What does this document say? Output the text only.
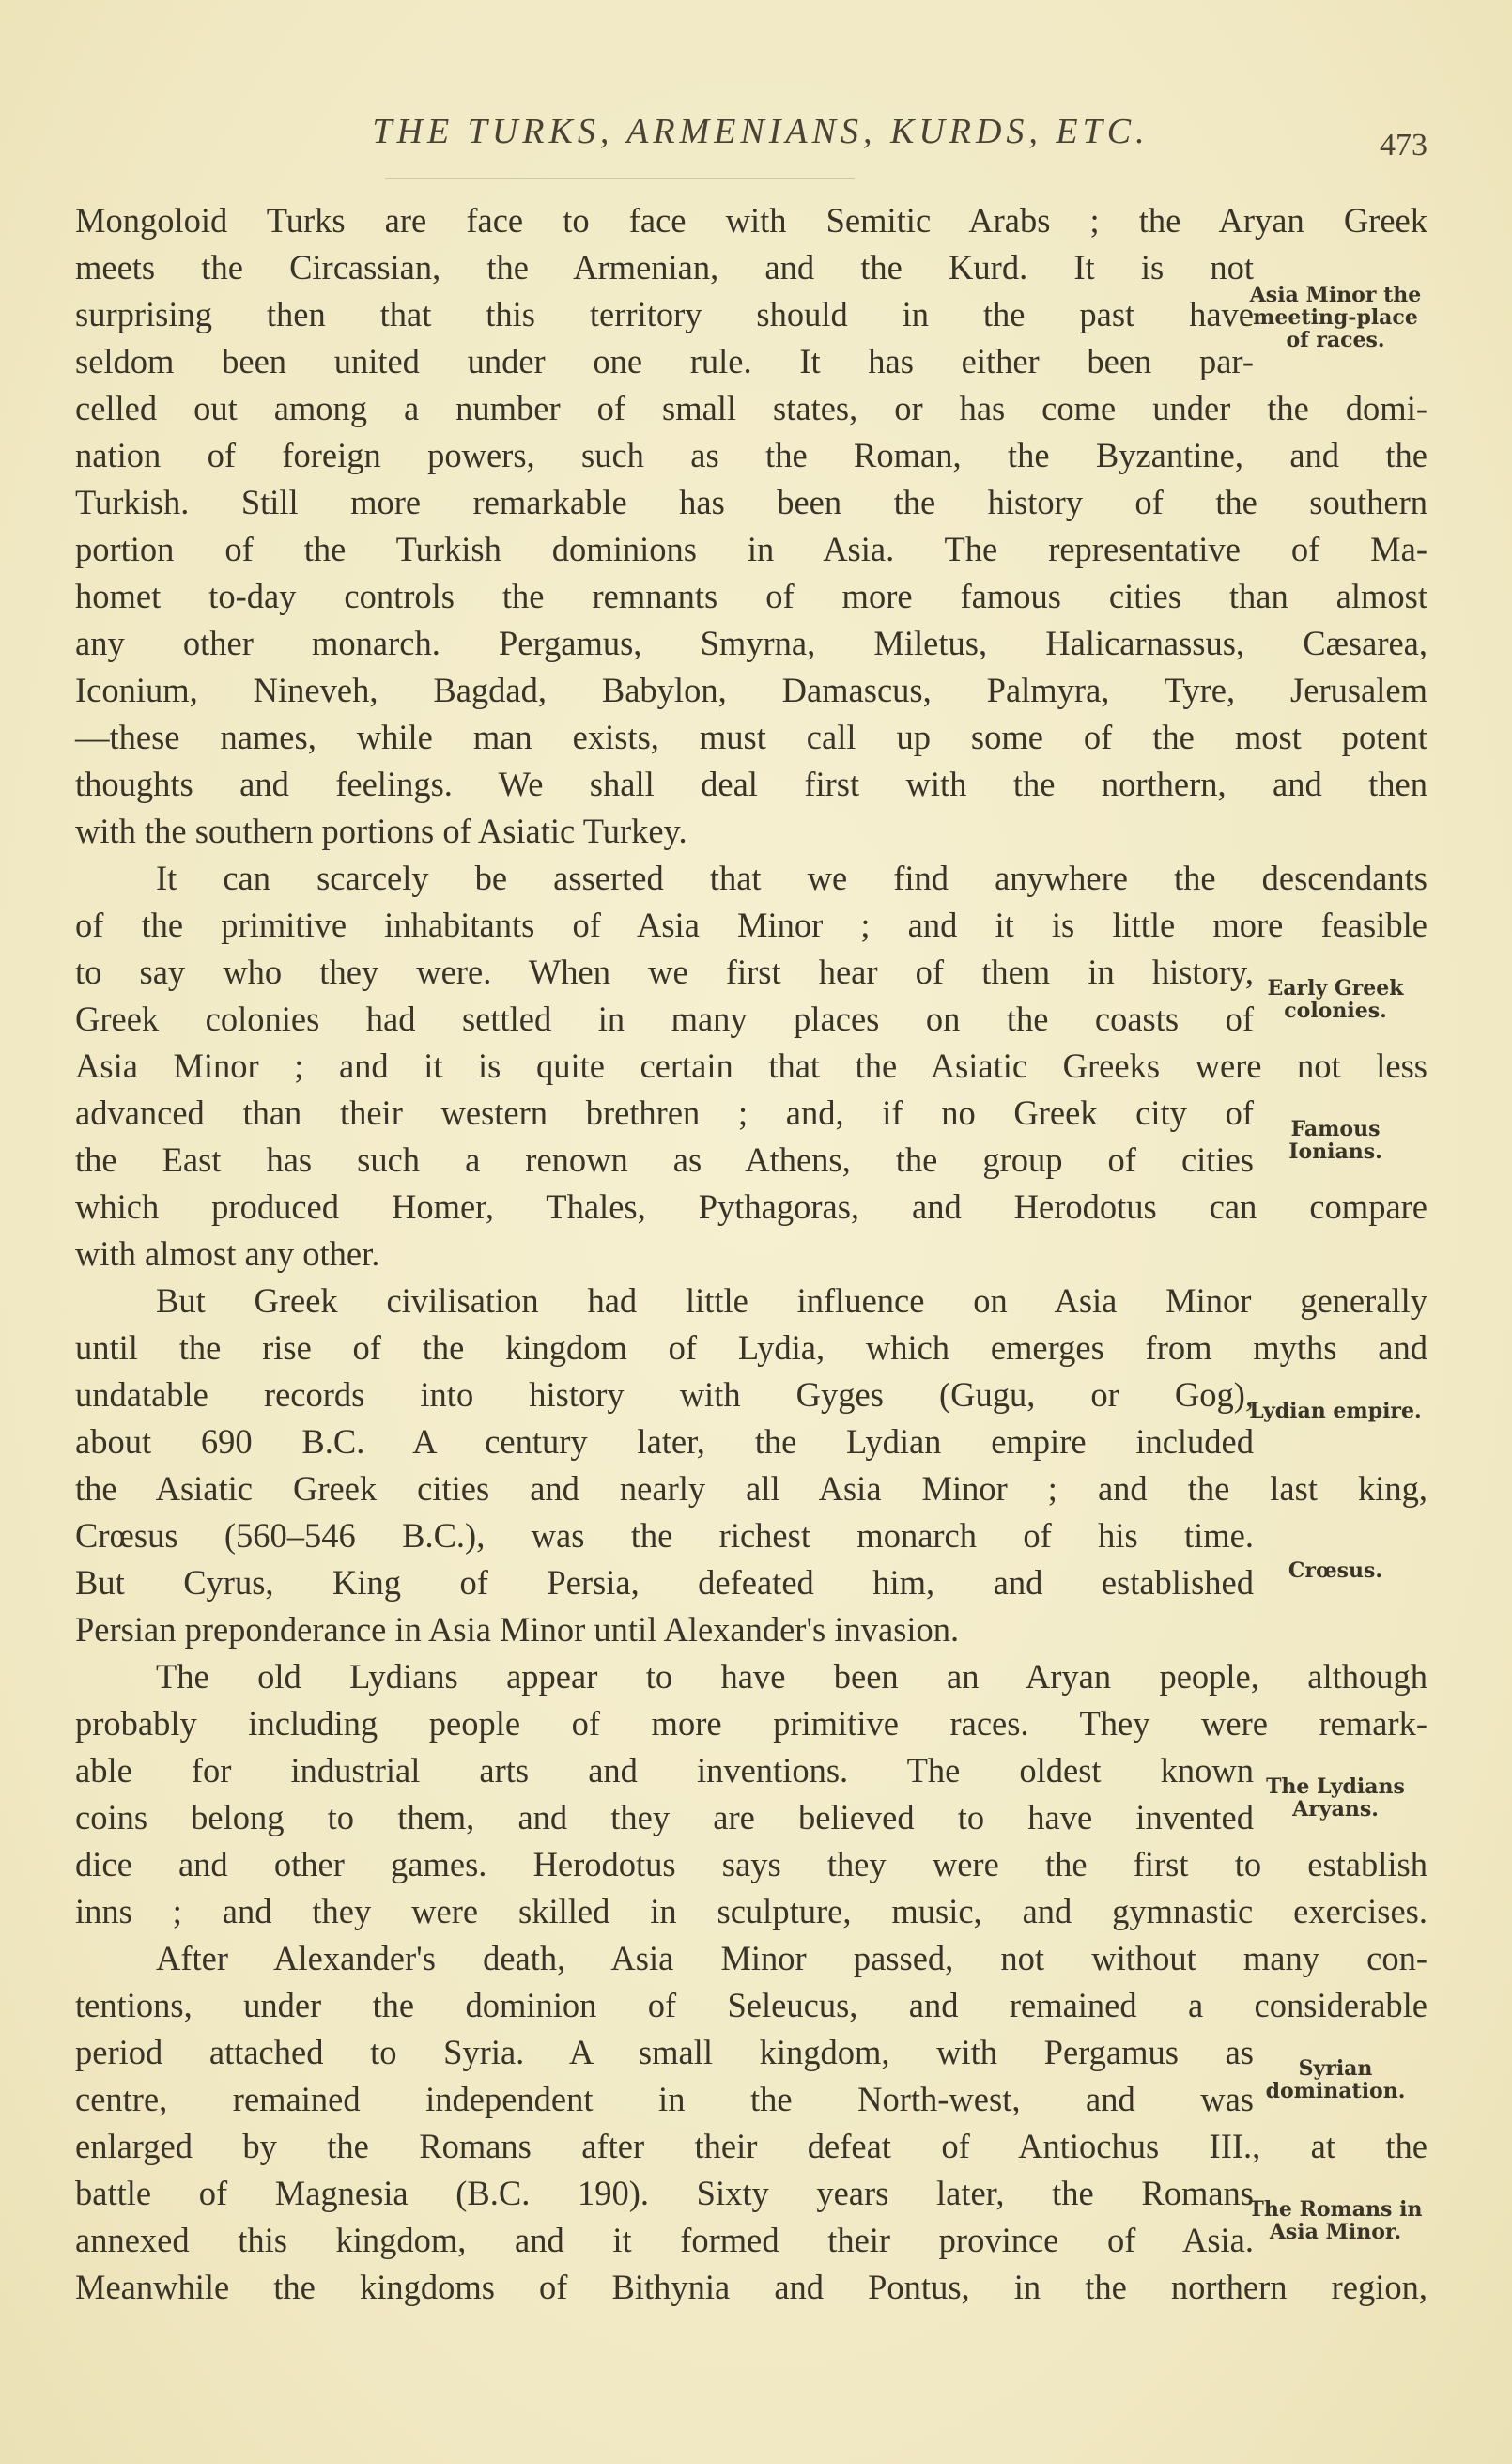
THE TURKS, ARMENIANS, KURDS, ETC.	473
Mongoloid Turks are face to face with Semitic Arabs ; the Aryan Greek
meets the Circassian, the Armenian, and the Kurd. It is not
surprising then that this territory should in the past have
seldom been united under one rule. It has either been par-
celled out among a number of small states, or has come under the domi-
nation of foreign powers, such as the Roman, the Byzantine, and the
Turkish. Still more remarkable has been the history of the southern
portion of the Turkish dominions in Asia. The representative of Ma-
homet to-day controls the remnants of more famous cities than almost
any other monarch. Pergamus, Smyrna, Miletus, Halicarnassus, Cæsarea,
Iconium, Nineveh, Bagdad, Babylon, Damascus, Palmyra, Tyre, Jerusalem
—these names, while man exists, must call up some of the most potent
thoughts and feelings. We shall deal first with the northern, and then
with the southern portions of Asiatic Turkey.
It can scarcely be asserted that we find anywhere the descendants
of the primitive inhabitants of Asia Minor ; and it is little more feasible
to say who they were. When we first hear of them in history,
Greek colonies had settled in many places on the coasts of
Asia Minor ; and it is quite certain that the Asiatic Greeks were not less
advanced than their western brethren ; and, if no Greek city of
the East has such a renown as Athens, the group of cities
which produced Homer, Thales, Pythagoras, and Herodotus can compare
with almost any other.
But Greek civilisation had little influence on Asia Minor generally
until the rise of the kingdom of Lydia, which emerges from myths and
undatable records into history with Gyges (Gugu, or Gog),
about 690 B.C. A century later, the Lydian empire included
the Asiatic Greek cities and nearly all Asia Minor ; and the last king,
Crœsus (560–546 B.C.), was the richest monarch of his time.
But Cyrus, King of Persia, defeated him, and established
Persian preponderance in Asia Minor until Alexander's invasion.
The old Lydians appear to have been an Aryan people, although
probably including people of more primitive races. They were remark-
able for industrial arts and inventions. The oldest known
coins belong to them, and they are believed to have invented
dice and other games. Herodotus says they were the first to establish
inns ; and they were skilled in sculpture, music, and gymnastic exercises.
After Alexander's death, Asia Minor passed, not without many con-
tentions, under the dominion of Seleucus, and remained a considerable
period attached to Syria. A small kingdom, with Pergamus as
centre, remained independent in the North-west, and was
enlarged by the Romans after their defeat of Antiochus III., at the
battle of Magnesia (B.C. 190). Sixty years later, the Romans
annexed this kingdom, and it formed their province of Asia.
Meanwhile the kingdoms of Bithynia and Pontus, in the northern region,
Asia Minor the meeting-place of races.
Early Greek colonies.
Famous Ionians.
Lydian empire.
Crœsus.
The Lydians Aryans.
Syrian domination.
The Romans in Asia Minor.
